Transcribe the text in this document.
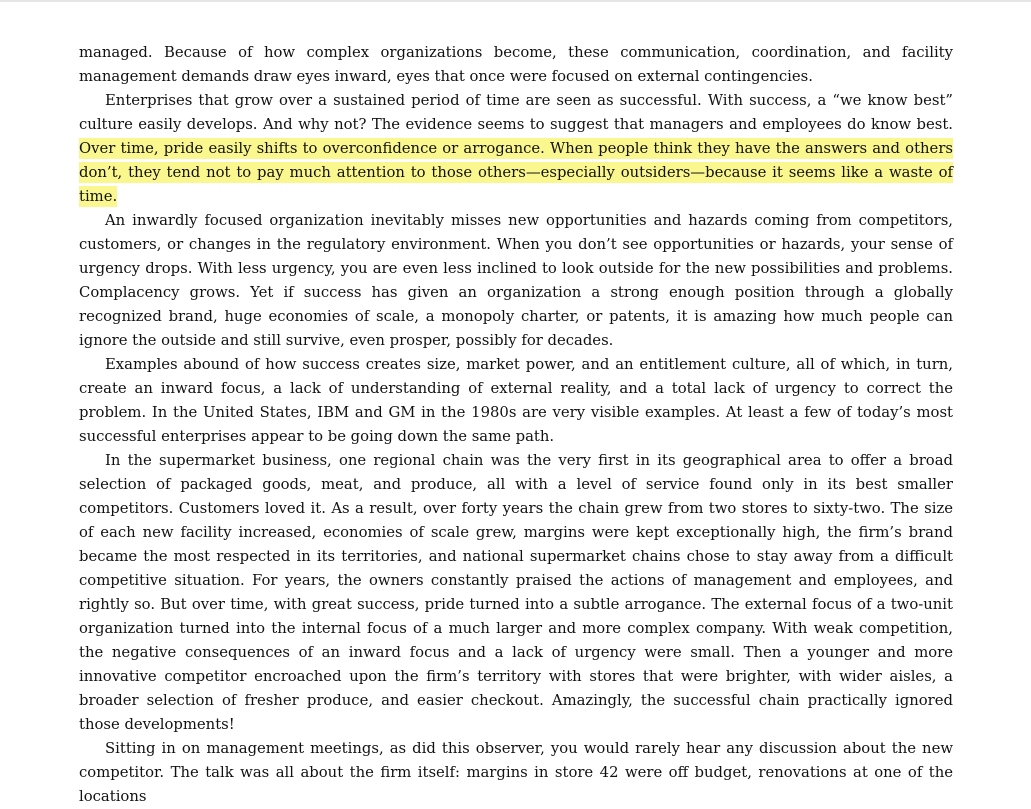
managed. Because of how complex organizations become, these communication, coordination, and facility management demands draw eyes inward, eyes that once were focused on external contingencies.

Enterprises that grow over a sustained period of time are seen as successful. With success, a “we know best” culture easily develops. And why not? The evidence seems to suggest that managers and employees do know best. Over time, pride easily shifts to overconfidence or arrogance. When people think they have the answers and others don’t, they tend not to pay much attention to those others—especially outsiders—because it seems like a waste of time.

An inwardly focused organization inevitably misses new opportunities and hazards coming from competitors, customers, or changes in the regulatory environment. When you don’t see opportunities or hazards, your sense of urgency drops. With less urgency, you are even less inclined to look outside for the new possibilities and problems. Complacency grows. Yet if success has given an organization a strong enough position through a globally recognized brand, huge economies of scale, a monopoly charter, or patents, it is amazing how much people can ignore the outside and still survive, even prosper, possibly for decades.

Examples abound of how success creates size, market power, and an entitlement culture, all of which, in turn, create an inward focus, a lack of understanding of external reality, and a total lack of urgency to correct the problem. In the United States, IBM and GM in the 1980s are very visible examples. At least a few of today’s most successful enterprises appear to be going down the same path.

In the supermarket business, one regional chain was the very first in its geographical area to offer a broad selection of packaged goods, meat, and produce, all with a level of service found only in its best smaller competitors. Customers loved it. As a result, over forty years the chain grew from two stores to sixty-two. The size of each new facility increased, economies of scale grew, margins were kept exceptionally high, the firm’s brand became the most respected in its territories, and national supermarket chains chose to stay away from a difficult competitive situation. For years, the owners constantly praised the actions of management and employees, and rightly so. But over time, with great success, pride turned into a subtle arrogance. The external focus of a two-unit organization turned into the internal focus of a much larger and more complex company. With weak competition, the negative consequences of an inward focus and a lack of urgency were small. Then a younger and more innovative competitor encroached upon the firm’s territory with stores that were brighter, with wider aisles, a broader selection of fresher produce, and easier checkout. Amazingly, the successful chain practically ignored those developments!

Sitting in on management meetings, as did this observer, you would rarely hear any discussion about the new competitor. The talk was all about the firm itself: margins in store 42 were off budget, renovations at one of the locations
